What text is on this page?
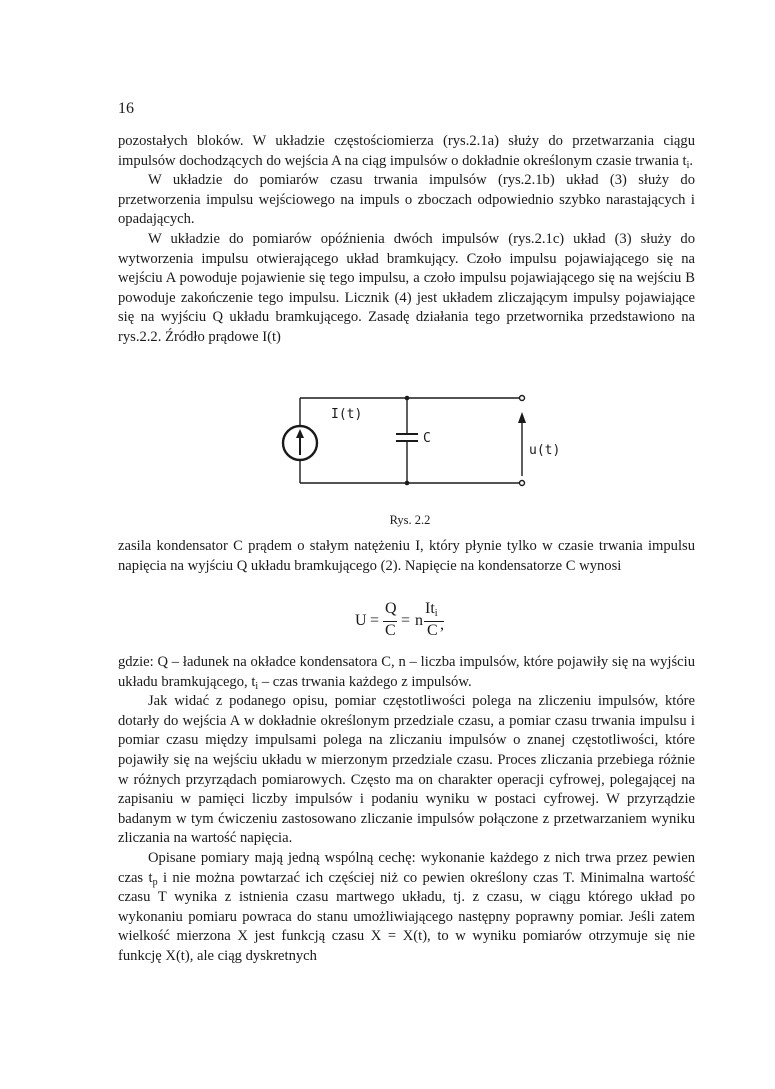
16

pozostałych bloków. W układzie częstościomierza (rys.2.1a) służy do przetwarzania ciągu impulsów dochodzących do wejścia A na ciąg impulsów o dokładnie określonym czasie trwania $t_i$.

W układzie do pomiarów czasu trwania impulsów (rys.2.1b) układ (3) służy do przetworzenia impulsu wejściowego na impuls o zboczach odpowiednio szybko narastających i opadających.

W układzie do pomiarów opóźnienia dwóch impulsów (rys.2.1c) układ (3) służy do wytworzenia impulsu otwierającego układ bramkujący. Czoło impulsu pojawiającego się na wejściu A powoduje pojawienie się tego impulsu, a czoło impulsu pojawiającego się na wejściu B powoduje zakończenie tego impulsu. Licznik (4) jest układem zliczającym impulsy pojawiające się na wyjściu Q układu bramkującego. Zasadę działania tego przetwornika przedstawiono na rys.2.2. Źródło prądowe I(t)

I(t)
C
u(t)
Rys. 2.2

zasila kondensator C prądem o stałym natężeniu I, który płynie tylko w czasie trwania impulsu napięcia na wyjściu Q układu bramkującego (2). Napięcie na kondensatorze C wynosi

U =
Q
C
= n
$It_i$
C ,

gdzie: Q – ładunek na okładce kondensatora C, n – liczba impulsów, które pojawiły się na wyjściu układu bramkującego, $t_i$ – czas trwania każdego z impulsów.

Jak widać z podanego opisu, pomiar częstotliwości polega na zliczeniu impulsów, które dotarły do wejścia A w dokładnie określonym przedziale czasu, a pomiar czasu trwania impulsu i pomiar czasu między impulsami polega na zliczaniu impulsów o znanej częstotliwości, które pojawiły się na wejściu układu w mierzonym przedziale czasu. Proces zliczania przebiega różnie w różnych przyrządach pomiarowych. Często ma on charakter operacji cyfrowej, polegającej na zapisaniu w pamięci liczby impulsów i podaniu wyniku w postaci cyfrowej. W przyrządzie badanym w tym ćwiczeniu zastosowano zliczanie impulsów połączone z przetwarzaniem wyniku zliczania na wartość napięcia.

Opisane pomiary mają jedną wspólną cechę: wykonanie każdego z nich trwa przez pewien czas $t_p$ i nie można powtarzać ich częściej niż co pewien określony czas T. Minimalna wartość czasu T wynika z istnienia czasu martwego układu, tj. z czasu, w ciągu którego układ po wykonaniu pomiaru powraca do stanu umożliwiającego następny poprawny pomiar. Jeśli zatem wielkość mierzona X jest funkcją czasu X = X(t), to w wyniku pomiarów otrzymuje się nie funkcję X(t), ale ciąg dyskretnych
